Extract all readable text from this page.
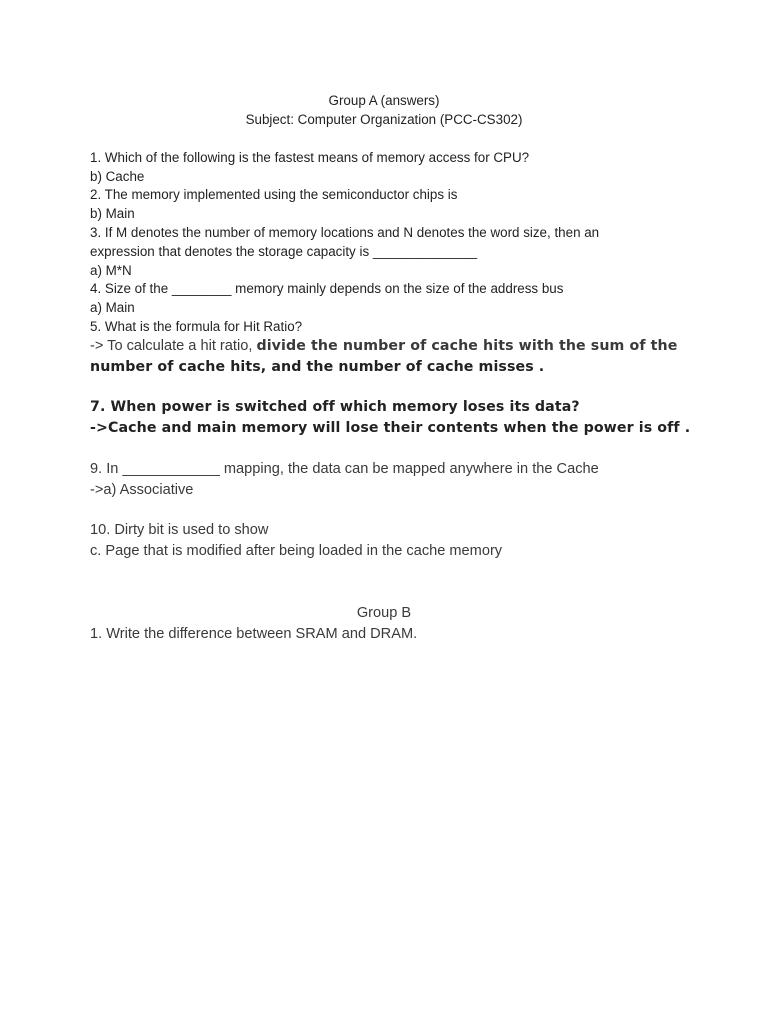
Group A (answers)
Subject: Computer Organization (PCC-CS302)
1. Which of the following is the fastest means of memory access for CPU?
b) Cache
2. The memory implemented using the semiconductor chips is
b) Main
3. If M denotes the number of memory locations and N denotes the word size, then an
expression that denotes the storage capacity is ______________
a) M*N
4. Size of the ________ memory mainly depends on the size of the address bus
a) Main
5. What is the formula for Hit Ratio?
-> To calculate a hit ratio, divide the number of cache hits with the sum of the
number of cache hits, and the number of cache misses .
7. When power is switched off which memory loses its data?
->Cache and main memory will lose their contents when the power is off .
9. In ____________ mapping, the data can be mapped anywhere in the Cache
->a) Associative
10. Dirty bit is used to show
c. Page that is modified after being loaded in the cache memory
Group B
1. Write the difference between SRAM and DRAM.
